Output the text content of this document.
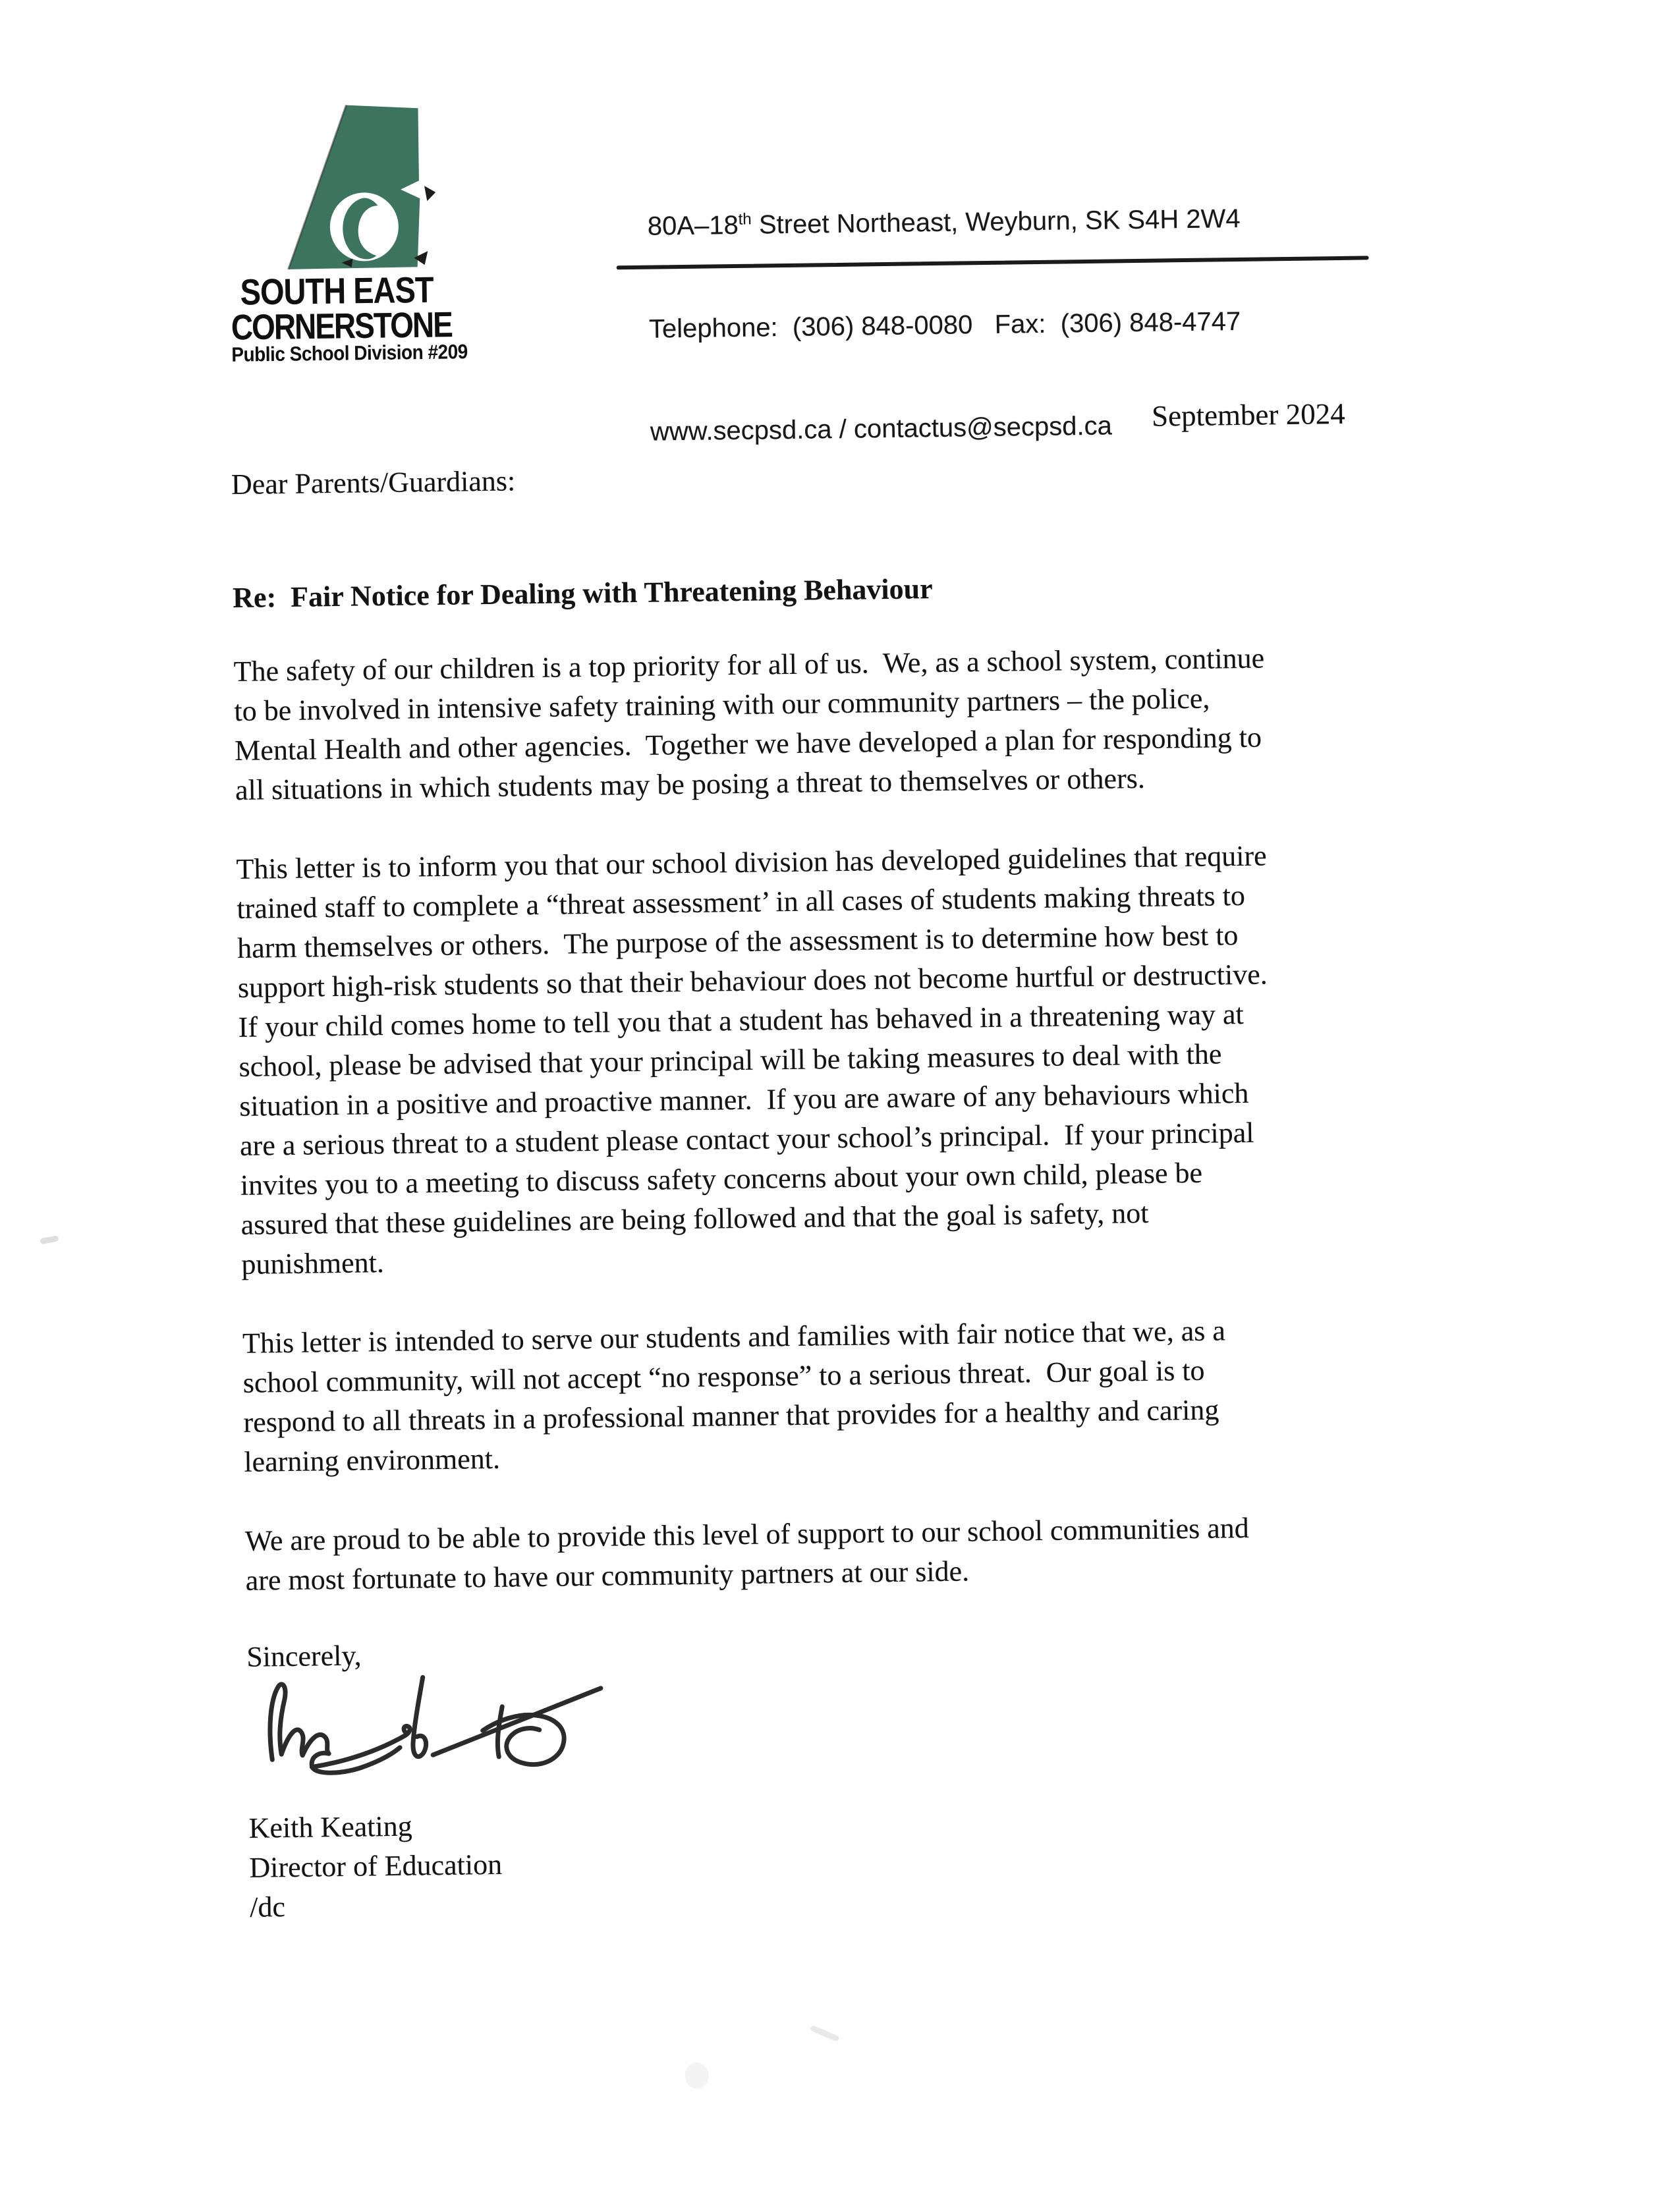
SOUTH EAST
CORNERSTONE
Public School Division #209

80A–18th Street Northeast, Weyburn, SK S4H 2W4

Telephone:  (306) 848-0080   Fax:  (306) 848-4747

www.secpsd.ca / contactus@secpsd.ca

	September 2024
Dear Parents/Guardians:
Re:  Fair Notice for Dealing with Threatening Behaviour
The safety of our children is a top priority for all of us.  We, as a school system, continue
to be involved in intensive safety training with our community partners – the police,
Mental Health and other agencies.  Together we have developed a plan for responding to
all situations in which students may be posing a threat to themselves or others.
This letter is to inform you that our school division has developed guidelines that require
trained staff to complete a “threat assessment’ in all cases of students making threats to
harm themselves or others.  The purpose of the assessment is to determine how best to
support high-risk students so that their behaviour does not become hurtful or destructive.
If your child comes home to tell you that a student has behaved in a threatening way at
school, please be advised that your principal will be taking measures to deal with the
situation in a positive and proactive manner.  If you are aware of any behaviours which
are a serious threat to a student please contact your school’s principal.  If your principal
invites you to a meeting to discuss safety concerns about your own child, please be
assured that these guidelines are being followed and that the goal is safety, not
punishment.
This letter is intended to serve our students and families with fair notice that we, as a
school community, will not accept “no response” to a serious threat.  Our goal is to
respond to all threats in a professional manner that provides for a healthy and caring
learning environment.
We are proud to be able to provide this level of support to our school communities and
are most fortunate to have our community partners at our side.
Sincerely,
Keith Keating
Director of Education
/dc
